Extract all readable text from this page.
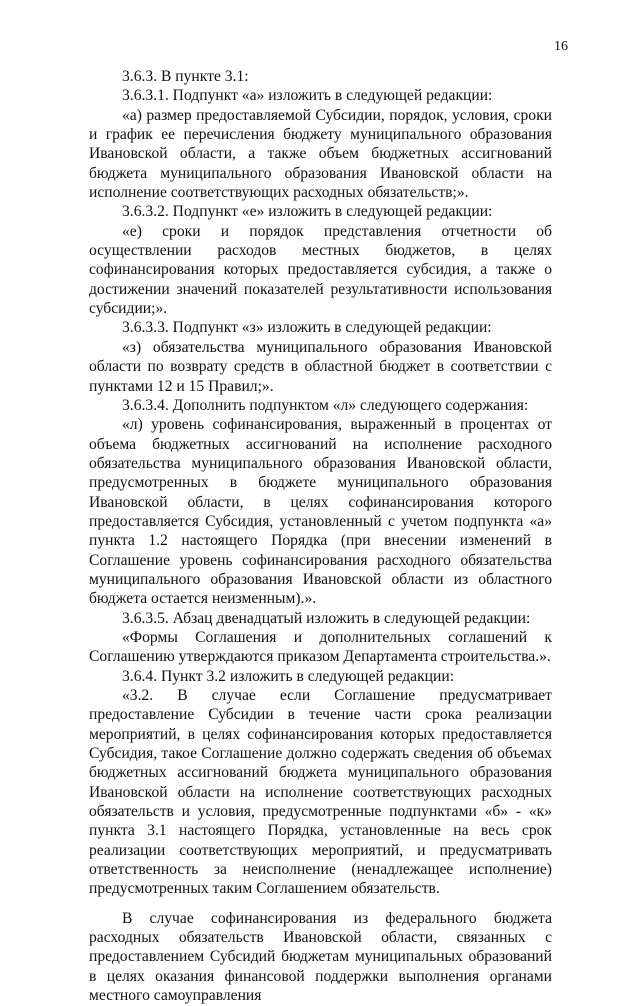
16

3.6.3. В пункте 3.1:

3.6.3.1. Подпункт «а» изложить в следующей редакции:

«а) размер предоставляемой Субсидии, порядок, условия, сроки и график ее перечисления бюджету муниципального образования Ивановской области, а также объем бюджетных ассигнований бюджета муниципального образования Ивановской области на исполнение соответствующих расходных обязательств;».

3.6.3.2. Подпункт «е» изложить в следующей редакции:

«е) сроки и порядок представления отчетности об осуществлении расходов местных бюджетов, в целях софинансирования которых предоставляется субсидия, а также о достижении значений показателей результативности использования субсидии;».

3.6.3.3. Подпункт «з» изложить в следующей редакции:

«з) обязательства муниципального образования Ивановской области по возврату средств в областной бюджет в соответствии с пунктами 12 и 15 Правил;».

3.6.3.4. Дополнить подпунктом «л» следующего содержания:

«л) уровень софинансирования, выраженный в процентах от объема бюджетных ассигнований на исполнение расходного обязательства муниципального образования Ивановской области, предусмотренных в бюджете муниципального образования Ивановской области, в целях софинансирования которого предоставляется Субсидия, установленный с учетом подпункта «а» пункта 1.2 настоящего Порядка (при внесении изменений в Соглашение уровень софинансирования расходного обязательства муниципального образования Ивановской области из областного бюджета остается неизменным).».

3.6.3.5. Абзац двенадцатый изложить в следующей редакции:

«Формы Соглашения и дополнительных соглашений к Соглашению утверждаются приказом Департамента строительства.».

3.6.4. Пункт 3.2 изложить в следующей редакции:

«3.2. В случае если Соглашение предусматривает предоставление Субсидии в течение части срока реализации мероприятий, в целях софинансирования которых предоставляется Субсидия, такое Соглашение должно содержать сведения об объемах бюджетных ассигнований бюджета муниципального образования Ивановской области на исполнение соответствующих расходных обязательств и условия, предусмотренные подпунктами «б» - «к» пункта 3.1 настоящего Порядка, установленные на весь срок реализации соответствующих мероприятий, и предусматривать ответственность за неисполнение (ненадлежащее исполнение) предусмотренных таким Соглашением обязательств.

В случае софинансирования из федерального бюджета расходных обязательств Ивановской области, связанных с предоставлением Субсидий бюджетам муниципальных образований в целях оказания финансовой поддержки выполнения органами местного самоуправления
